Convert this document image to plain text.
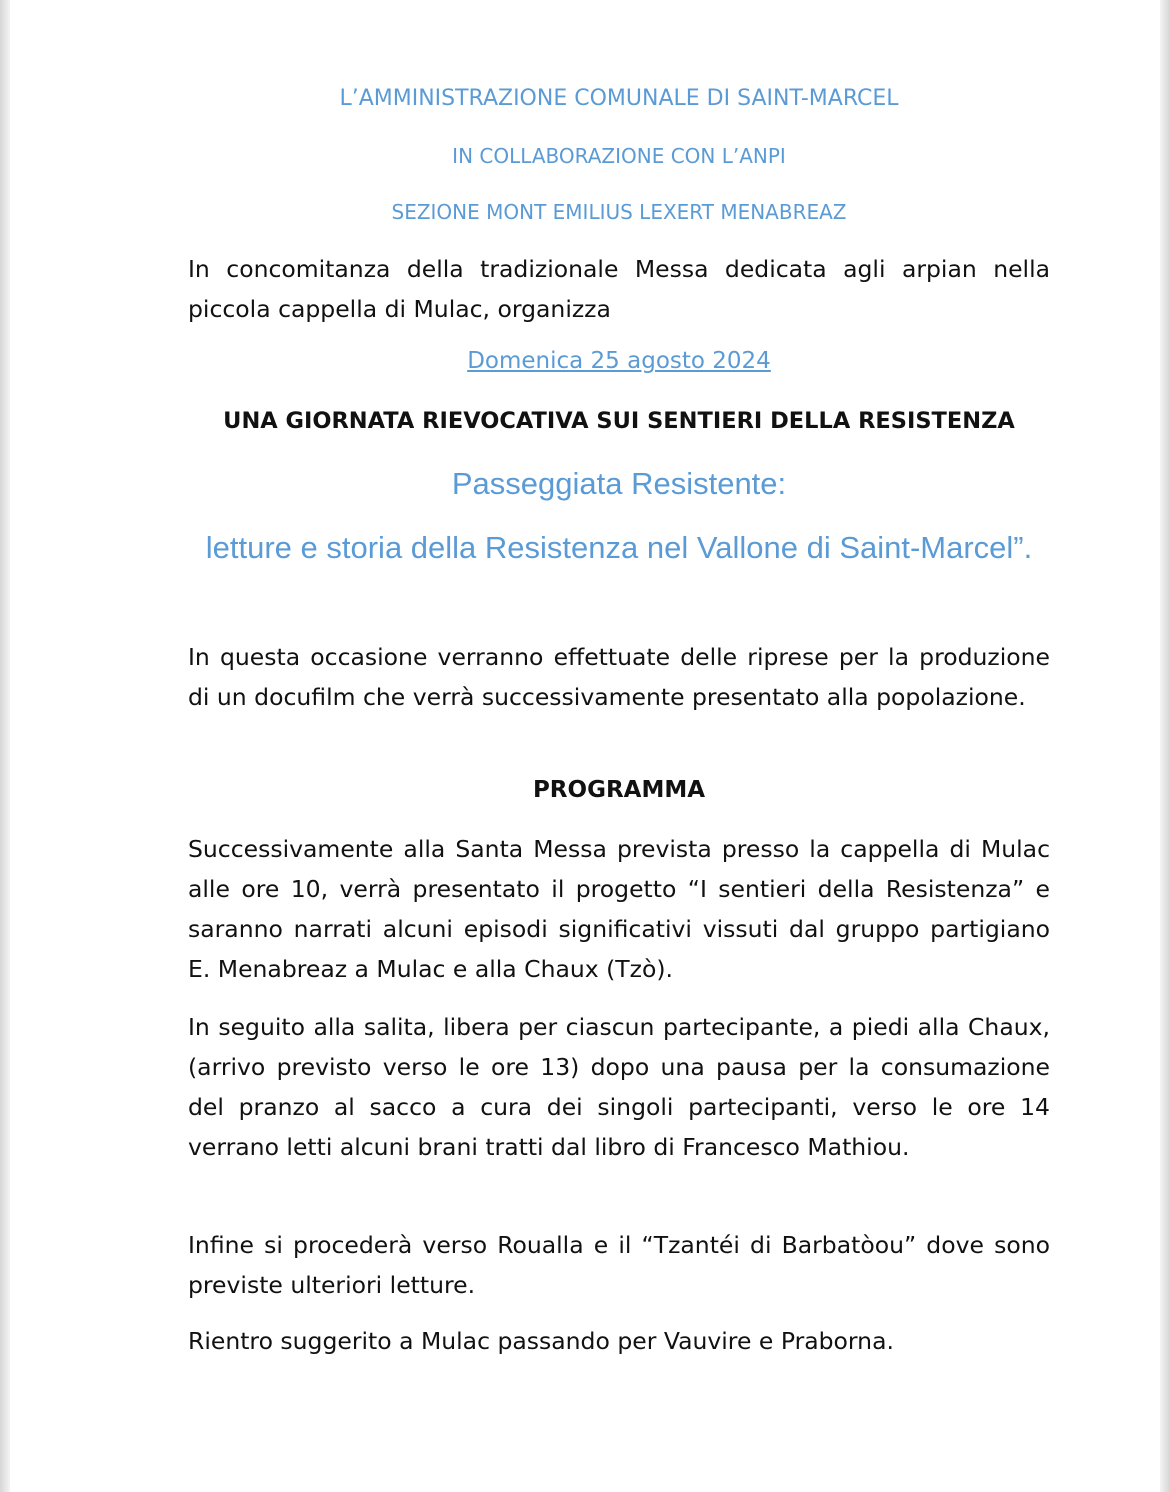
L’AMMINISTRAZIONE COMUNALE DI SAINT-MARCEL

IN COLLABORAZIONE CON L’ANPI

SEZIONE MONT EMILIUS LEXERT MENABREAZ

In concomitanza della tradizionale Messa dedicata agli arpian nella piccola cappella di Mulac, organizza

Domenica 25 agosto 2024
UNA GIORNATA RIEVOCATIVA SUI SENTIERI DELLA RESISTENZA
Passeggiata Resistente:
letture e storia della Resistenza nel Vallone di Saint-Marcel”.

In questa occasione verranno effettuate delle riprese per la produzione di un docufilm che verrà successivamente presentato alla popolazione.

PROGRAMMA

Successivamente alla Santa Messa prevista presso la cappella di Mulac alle ore 10, verrà presentato il progetto “I sentieri della Resistenza” e saranno narrati alcuni episodi significativi vissuti dal gruppo partigiano E. Menabreaz a Mulac e alla Chaux (Tzò).

In seguito alla salita, libera per ciascun partecipante, a piedi alla Chaux, (arrivo previsto verso le ore 13) dopo una pausa per la consumazione del pranzo al sacco a cura dei singoli partecipanti, verso le ore 14 verrano letti alcuni brani tratti dal libro di Francesco Mathiou.

Infine si procederà verso Roualla e il “Tzantéi di Barbatòou” dove sono previste ulteriori letture.

Rientro suggerito a Mulac passando per Vauvire e Praborna.
